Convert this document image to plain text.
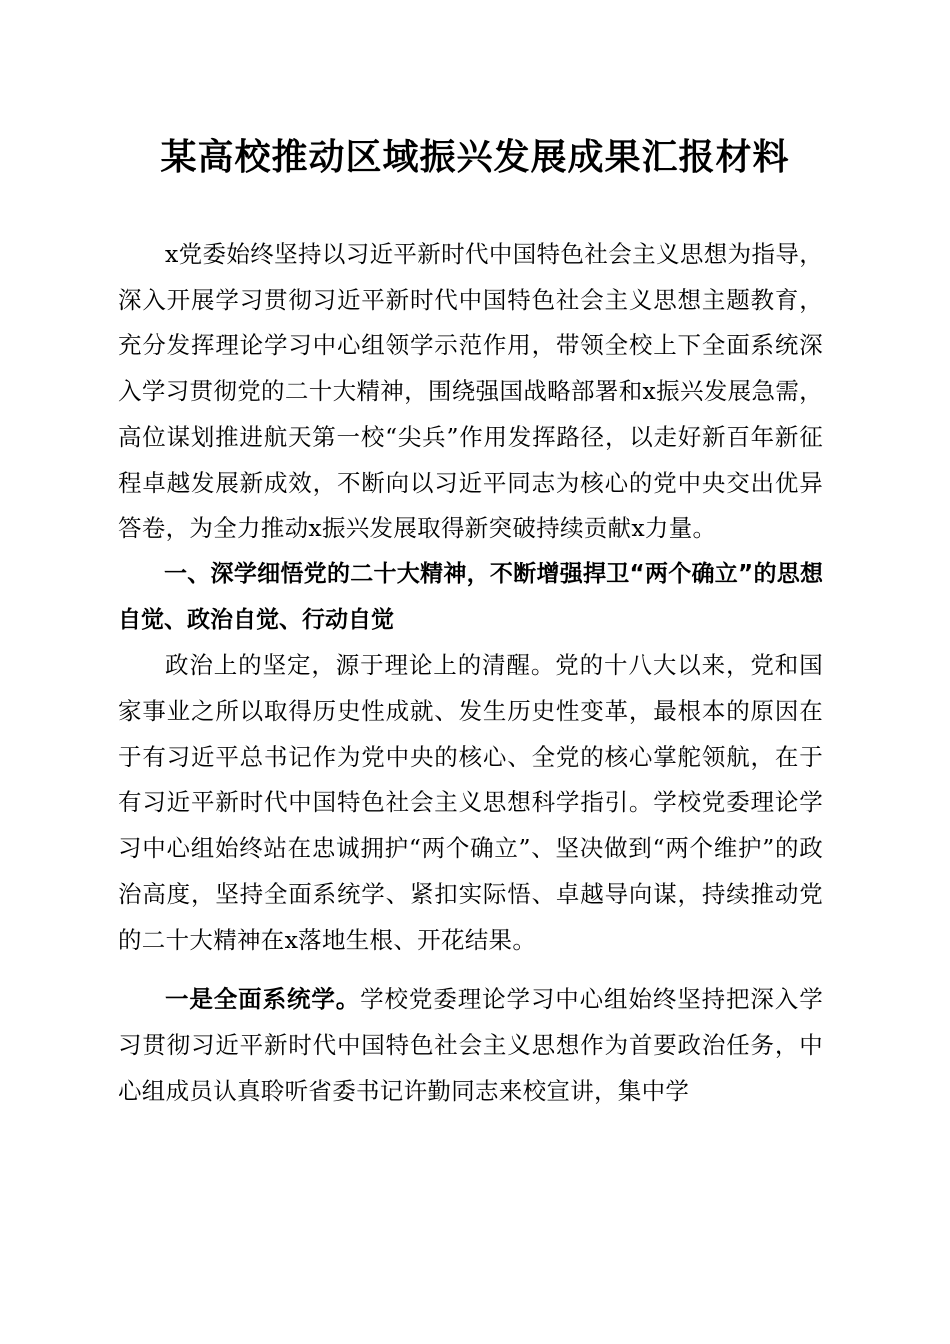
某高校推动区域振兴发展成果汇报材料

x党委始终坚持以习近平新时代中国特色社会主义思想为指导，深入开展学习贯彻习近平新时代中国特色社会主义思想主题教育，充分发挥理论学习中心组领学示范作用，带领全校上下全面系统深入学习贯彻党的二十大精神，围绕强国战略部署和x振兴发展急需，高位谋划推进航天第一校“尖兵”作用发挥路径，以走好新百年新征程卓越发展新成效，不断向以习近平同志为核心的党中央交出优异答卷，为全力推动x振兴发展取得新突破持续贡献x力量。

一、深学细悟党的二十大精神，不断增强捍卫“两个确立”的思想自觉、政治自觉、行动自觉

政治上的坚定，源于理论上的清醒。党的十八大以来，党和国家事业之所以取得历史性成就、发生历史性变革，最根本的原因在于有习近平总书记作为党中央的核心、全党的核心掌舵领航，在于有习近平新时代中国特色社会主义思想科学指引。学校党委理论学习中心组始终站在忠诚拥护“两个确立”、坚决做到“两个维护”的政治高度，坚持全面系统学、紧扣实际悟、卓越导向谋，持续推动党的二十大精神在x落地生根、开花结果。

一是全面系统学。学校党委理论学习中心组始终坚持把深入学习贯彻习近平新时代中国特色社会主义思想作为首要政治任务，中心组成员认真聆听省委书记许勤同志来校宣讲，集中学
